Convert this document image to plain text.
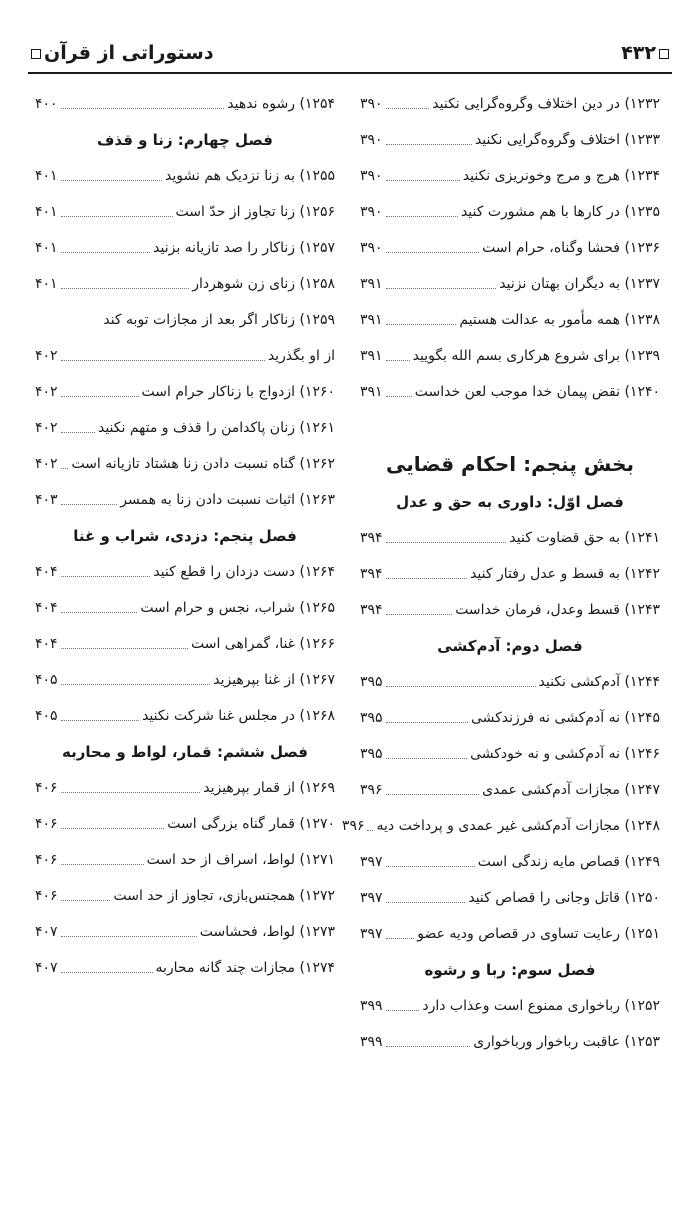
۴۳۲
دستوراتی از قرآن
۱۲۳۲) در دین اختلاف وگروه‌گرایی نکنید
۳۹۰
۱۲۳۳) اختلاف وگروه‌گرایی نکنید
۳۹۰
۱۲۳۴) هرج و مرج وخونریزی نکنید
۳۹۰
۱۲۳۵) در کارها با هم مشورت کنید
۳۹۰
۱۲۳۶) فحشا وگناه، حرام است
۳۹۰
۱۲۳۷) به دیگران بهتان نزنید
۳۹۱
۱۲۳۸) همه مأمور به عدالت هستیم
۳۹۱
۱۲۳۹) برای شروع هرکاری بسم الله بگویید
۳۹۱
۱۲۴۰) نقض پیمان خدا موجب لعن خداست
۳۹۱
بخش پنجم: احکام قضایی
فصل اوّل: داوری به حق و عدل
۱۲۴۱) به حق قضاوت کنید
۳۹۴
۱۲۴۲) به قسط و عدل رفتار کنید
۳۹۴
۱۲۴۳) قسط وعدل، فرمان خداست
۳۹۴
فصل دوم: آدم‌کشی
۱۲۴۴) آدم‌کشی نکنید
۳۹۵
۱۲۴۵) نه آدم‌کشی نه فرزندکشی
۳۹۵
۱۲۴۶) نه آدم‌کشی و نه خودکشی
۳۹۵
۱۲۴۷) مجازات آدم‌کشی عمدی
۳۹۶
۱۲۴۸) مجازات آدم‌کشی غیر عمدی و پرداخت دیه
۳۹۶
۱۲۴۹) قصاص مایه زندگی است
۳۹۷
۱۲۵۰) قاتل وجانی را قصاص کنید
۳۹۷
۱۲۵۱) رعایت تساوی در قصاص ودیه عضو
۳۹۷
فصل سوم: ربا و رشوه
۱۲۵۲) رباخواری ممنوع است وعذاب دارد
۳۹۹
۱۲۵۳) عاقبت رباخوار ورباخواری
۳۹۹
۱۲۵۴) رشوه ندهید
۴۰۰
فصل چهارم: زنا و قذف
۱۲۵۵) به زنا نزدیک هم نشوید
۴۰۱
۱۲۵۶) زنا تجاوز از حدّ است
۴۰۱
۱۲۵۷) زناکار را صد تازیانه بزنید
۴۰۱
۱۲۵۸) زنای زن شوهردار
۴۰۱
۱۲۵۹) زناکار اگر بعد از مجازات توبه کند
از او بگذرید
۴۰۲
۱۲۶۰) ازدواج با زناکار حرام است
۴۰۲
۱۲۶۱) زنان پاکدامن را قذف و متهم نکنید
۴۰۲
۱۲۶۲) گناه نسبت دادن زنا هشتاد تازیانه است
۴۰۲
۱۲۶۳) اثبات نسبت دادن زنا به همسر
۴۰۳
فصل پنجم: دزدی، شراب و غنا
۱۲۶۴) دست دزدان را قطع کنید
۴۰۴
۱۲۶۵) شراب، نجس و حرام است
۴۰۴
۱۲۶۶) غنا، گمراهی است
۴۰۴
۱۲۶۷) از غنا بپرهیزید
۴۰۵
۱۲۶۸) در مجلس غنا شرکت نکنید
۴۰۵
فصل ششم: قمار، لواط و محاربه
۱۲۶۹) از قمار بپرهیزید
۴۰۶
۱۲۷۰) قمار گناه بزرگی است
۴۰۶
۱۲۷۱) لواط، اسراف از حد است
۴۰۶
۱۲۷۲) همجنس‌بازی، تجاوز از حد است
۴۰۶
۱۲۷۳) لواط، فحشاست
۴۰۷
۱۲۷۴) مجازات چند گانه محاربه
۴۰۷
